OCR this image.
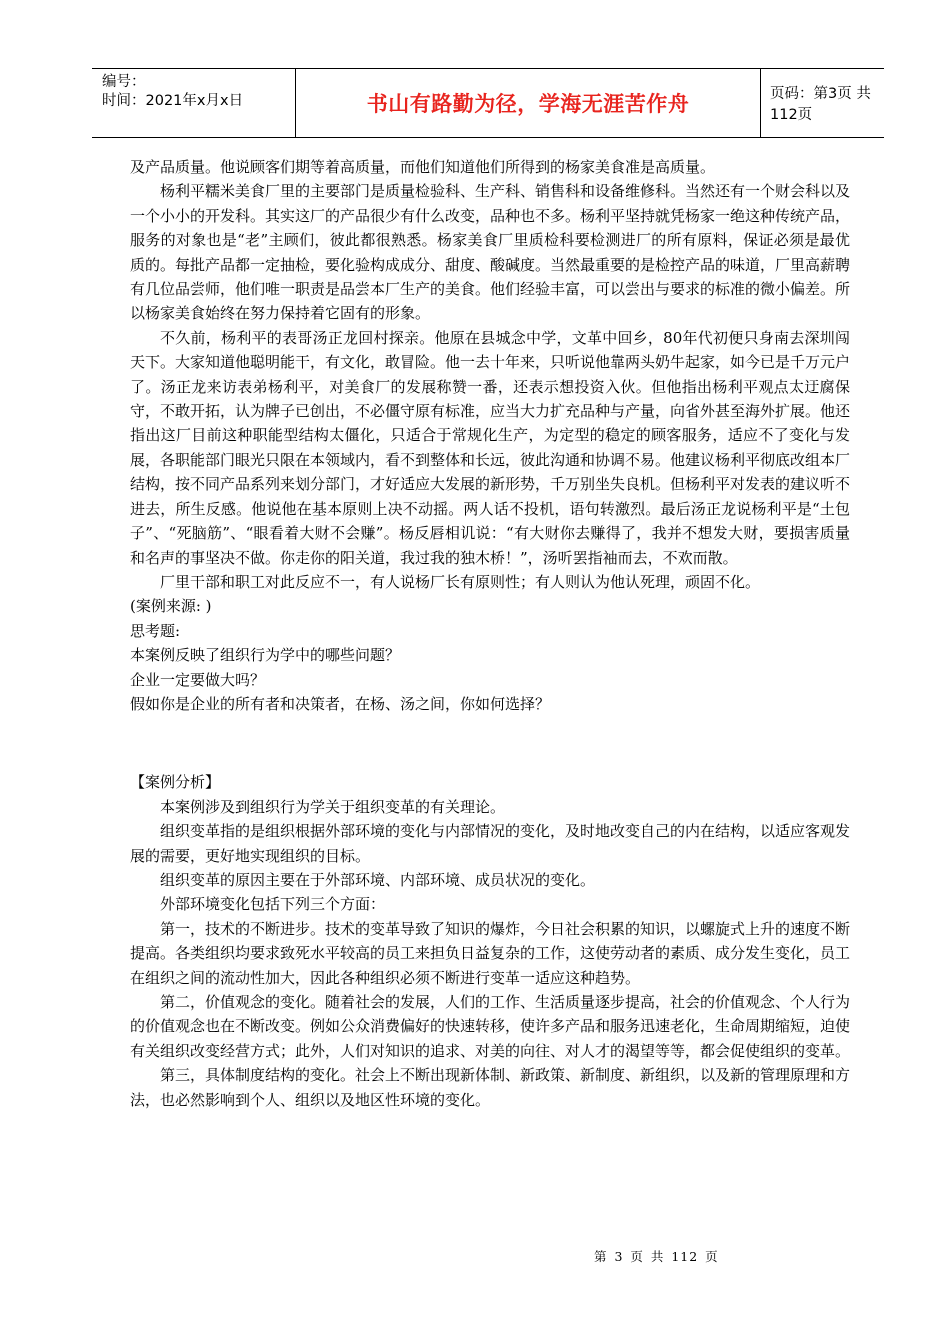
编号：
时间：2021年x月x日	书山有路勤为径，学海无涯苦作舟	页码：第3页 共112页

及产品质量。他说顾客们期等着高质量，而他们知道他们所得到的杨家美食准是高质量。

杨利平糯米美食厂里的主要部门是质量检验科、生产科、销售科和设备维修科。当然还有一个财会科以及一个小小的开发科。其实这厂的产品很少有什么改变，品种也不多。杨利平坚持就凭杨家一绝这种传统产品，服务的对象也是“老”主顾们，彼此都很熟悉。杨家美食厂里质检科要检测进厂的所有原料，保证必须是最优质的。每批产品都一定抽检，要化验构成成分、甜度、酸碱度。当然最重要的是检控产品的味道，厂里高薪聘有几位品尝师，他们唯一职责是品尝本厂生产的美食。他们经验丰富，可以尝出与要求的标准的微小偏差。所以杨家美食始终在努力保持着它固有的形象。

不久前，杨利平的表哥汤正龙回村探亲。他原在县城念中学，文革中回乡，80年代初便只身南去深圳闯天下。大家知道他聪明能干，有文化，敢冒险。他一去十年来，只听说他靠两头奶牛起家，如今已是千万元户了。汤正龙来访表弟杨利平，对美食厂的发展称赞一番，还表示想投资入伙。但他指出杨利平观点太迂腐保守，不敢开拓，认为牌子已创出，不必僵守原有标准，应当大力扩充品种与产量，向省外甚至海外扩展。他还指出这厂目前这种职能型结构太僵化，只适合于常规化生产，为定型的稳定的顾客服务，适应不了变化与发展，各职能部门眼光只限在本领域内，看不到整体和长远，彼此沟通和协调不易。他建议杨利平彻底改组本厂结构，按不同产品系列来划分部门，才好适应大发展的新形势，千万别坐失良机。但杨利平对发表的建议听不进去，所生反感。他说他在基本原则上决不动摇。两人话不投机，语句转激烈。最后汤正龙说杨利平是“土包子”、“死脑筋”、“眼看着大财不会赚”。杨反唇相讥说：“有大财你去赚得了，我并不想发大财，要损害质量和名声的事坚决不做。你走你的阳关道，我过我的独木桥！”，汤听罢指袖而去，不欢而散。

厂里干部和职工对此反应不一，有人说杨厂长有原则性；有人则认为他认死理，顽固不化。

(案例来源: )

思考题:

本案例反映了组织行为学中的哪些问题？

企业一定要做大吗？

假如你是企业的所有者和决策者，在杨、汤之间，你如何选择？

【案例分析】

本案例涉及到组织行为学关于组织变革的有关理论。

组织变革指的是组织根据外部环境的变化与内部情况的变化，及时地改变自己的内在结构，以适应客观发展的需要，更好地实现组织的目标。

组织变革的原因主要在于外部环境、内部环境、成员状况的变化。

外部环境变化包括下列三个方面：

第一，技术的不断进步。技术的变革导致了知识的爆炸，今日社会积累的知识，以螺旋式上升的速度不断提高。各类组织均要求致死水平较高的员工来担负日益复杂的工作，这使劳动者的素质、成分发生变化，员工在组织之间的流动性加大，因此各种组织必须不断进行变革一适应这种趋势。

第二，价值观念的变化。随着社会的发展，人们的工作、生活质量逐步提高，社会的价值观念、个人行为的价值观念也在不断改变。例如公众消费偏好的快速转移，使许多产品和服务迅速老化，生命周期缩短，迫使有关组织改变经营方式；此外，人们对知识的追求、对美的向往、对人才的渴望等等，都会促使组织的变革。

第三，具体制度结构的变化。社会上不断出现新体制、新政策、新制度、新组织，以及新的管理原理和方法，也必然影响到个人、组织以及地区性环境的变化。

第 3 页 共 112 页
